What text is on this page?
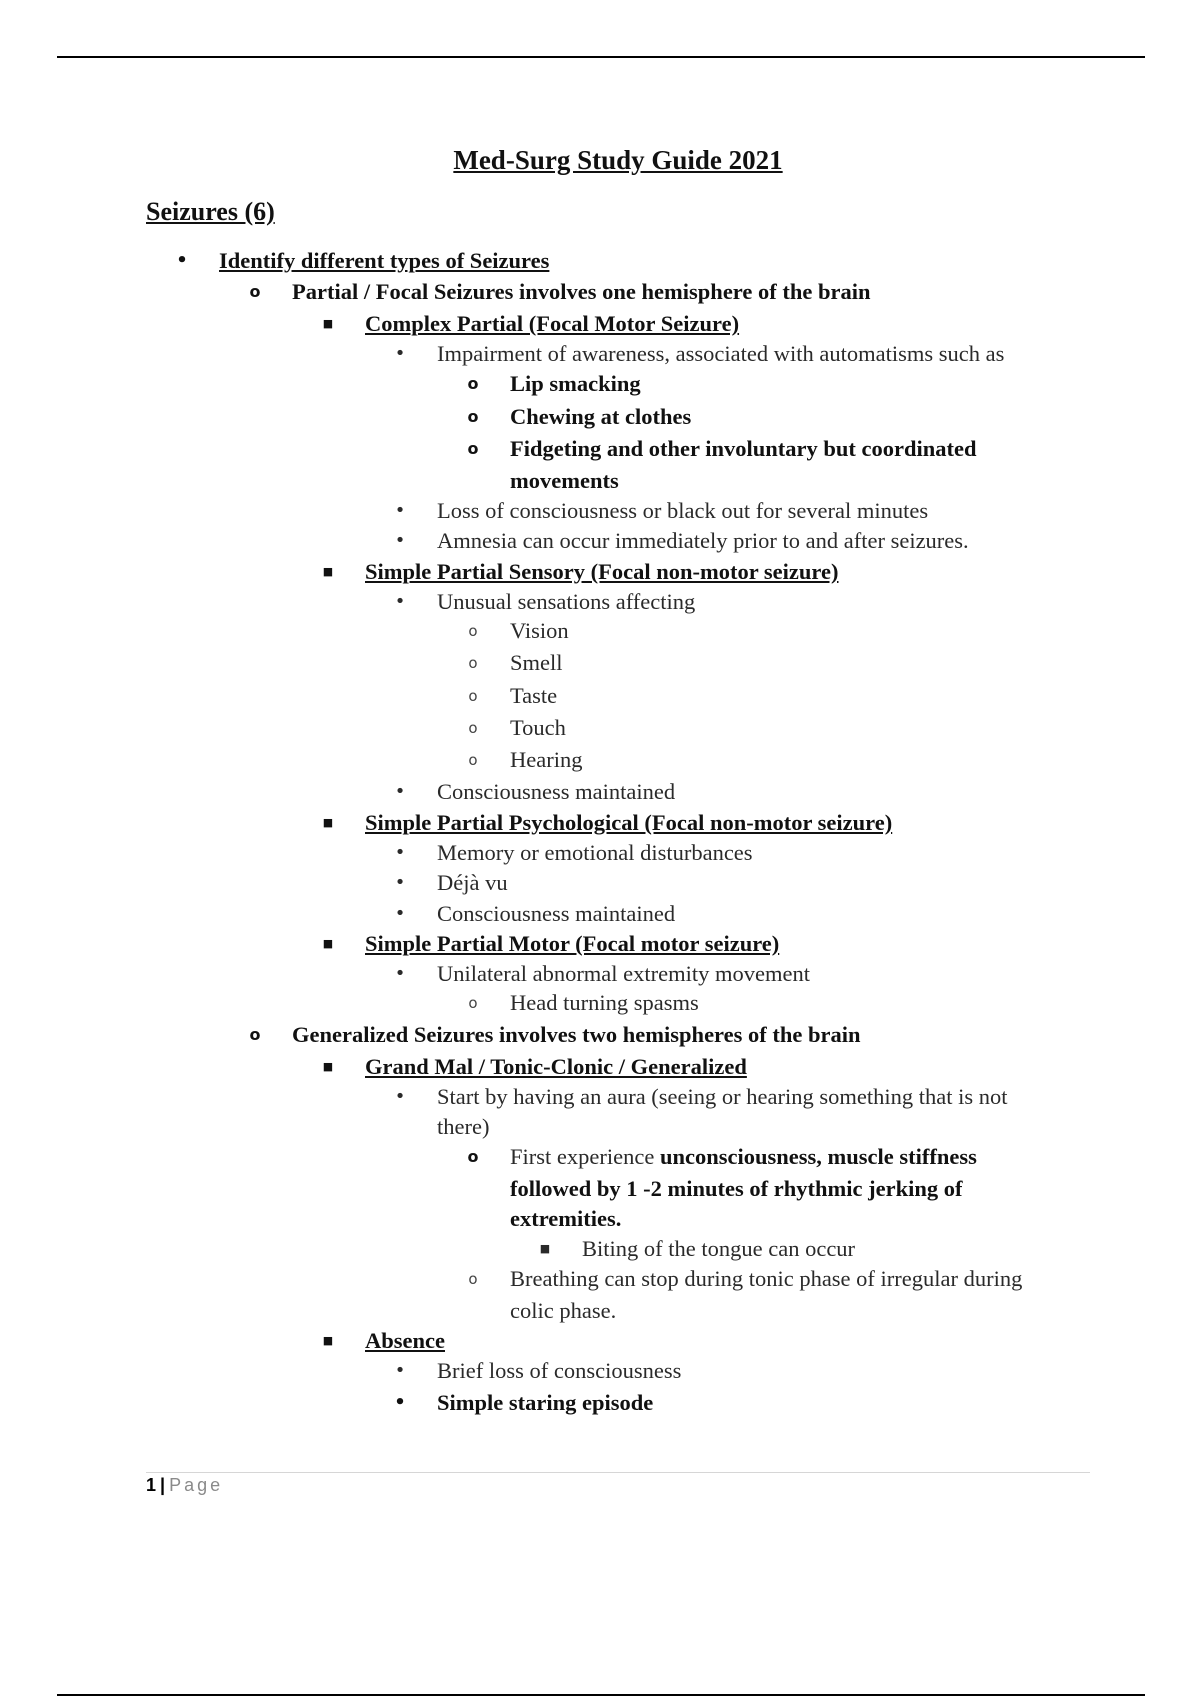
Med-Surg Study Guide 2021
Seizures (6)
• Identify different types of Seizures
o Partial / Focal Seizures involves one hemisphere of the brain
■ Complex Partial (Focal Motor Seizure)
• Impairment of awareness, associated with automatisms such as
o Lip smacking
o Chewing at clothes
o Fidgeting and other involuntary but coordinated
movements
• Loss of consciousness or black out for several minutes
• Amnesia can occur immediately prior to and after seizures.
■ Simple Partial Sensory (Focal non-motor seizure)
• Unusual sensations affecting
o Vision
o Smell
o Taste
o Touch
o Hearing
• Consciousness maintained
■ Simple Partial Psychological (Focal non-motor seizure)
• Memory or emotional disturbances
• Déjà vu
• Consciousness maintained
■ Simple Partial Motor (Focal motor seizure)
• Unilateral abnormal extremity movement
o Head turning spasms
o Generalized Seizures involves two hemispheres of the brain
■ Grand Mal / Tonic-Clonic / Generalized
• Start by having an aura (seeing or hearing something that is not
there)
o First experience unconsciousness, muscle stiffness
followed by 1 -2 minutes of rhythmic jerking of
extremities.
■ Biting of the tongue can occur
o Breathing can stop during tonic phase of irregular during
colic phase.
■ Absence
• Brief loss of consciousness
• Simple staring episode
1 | Page
